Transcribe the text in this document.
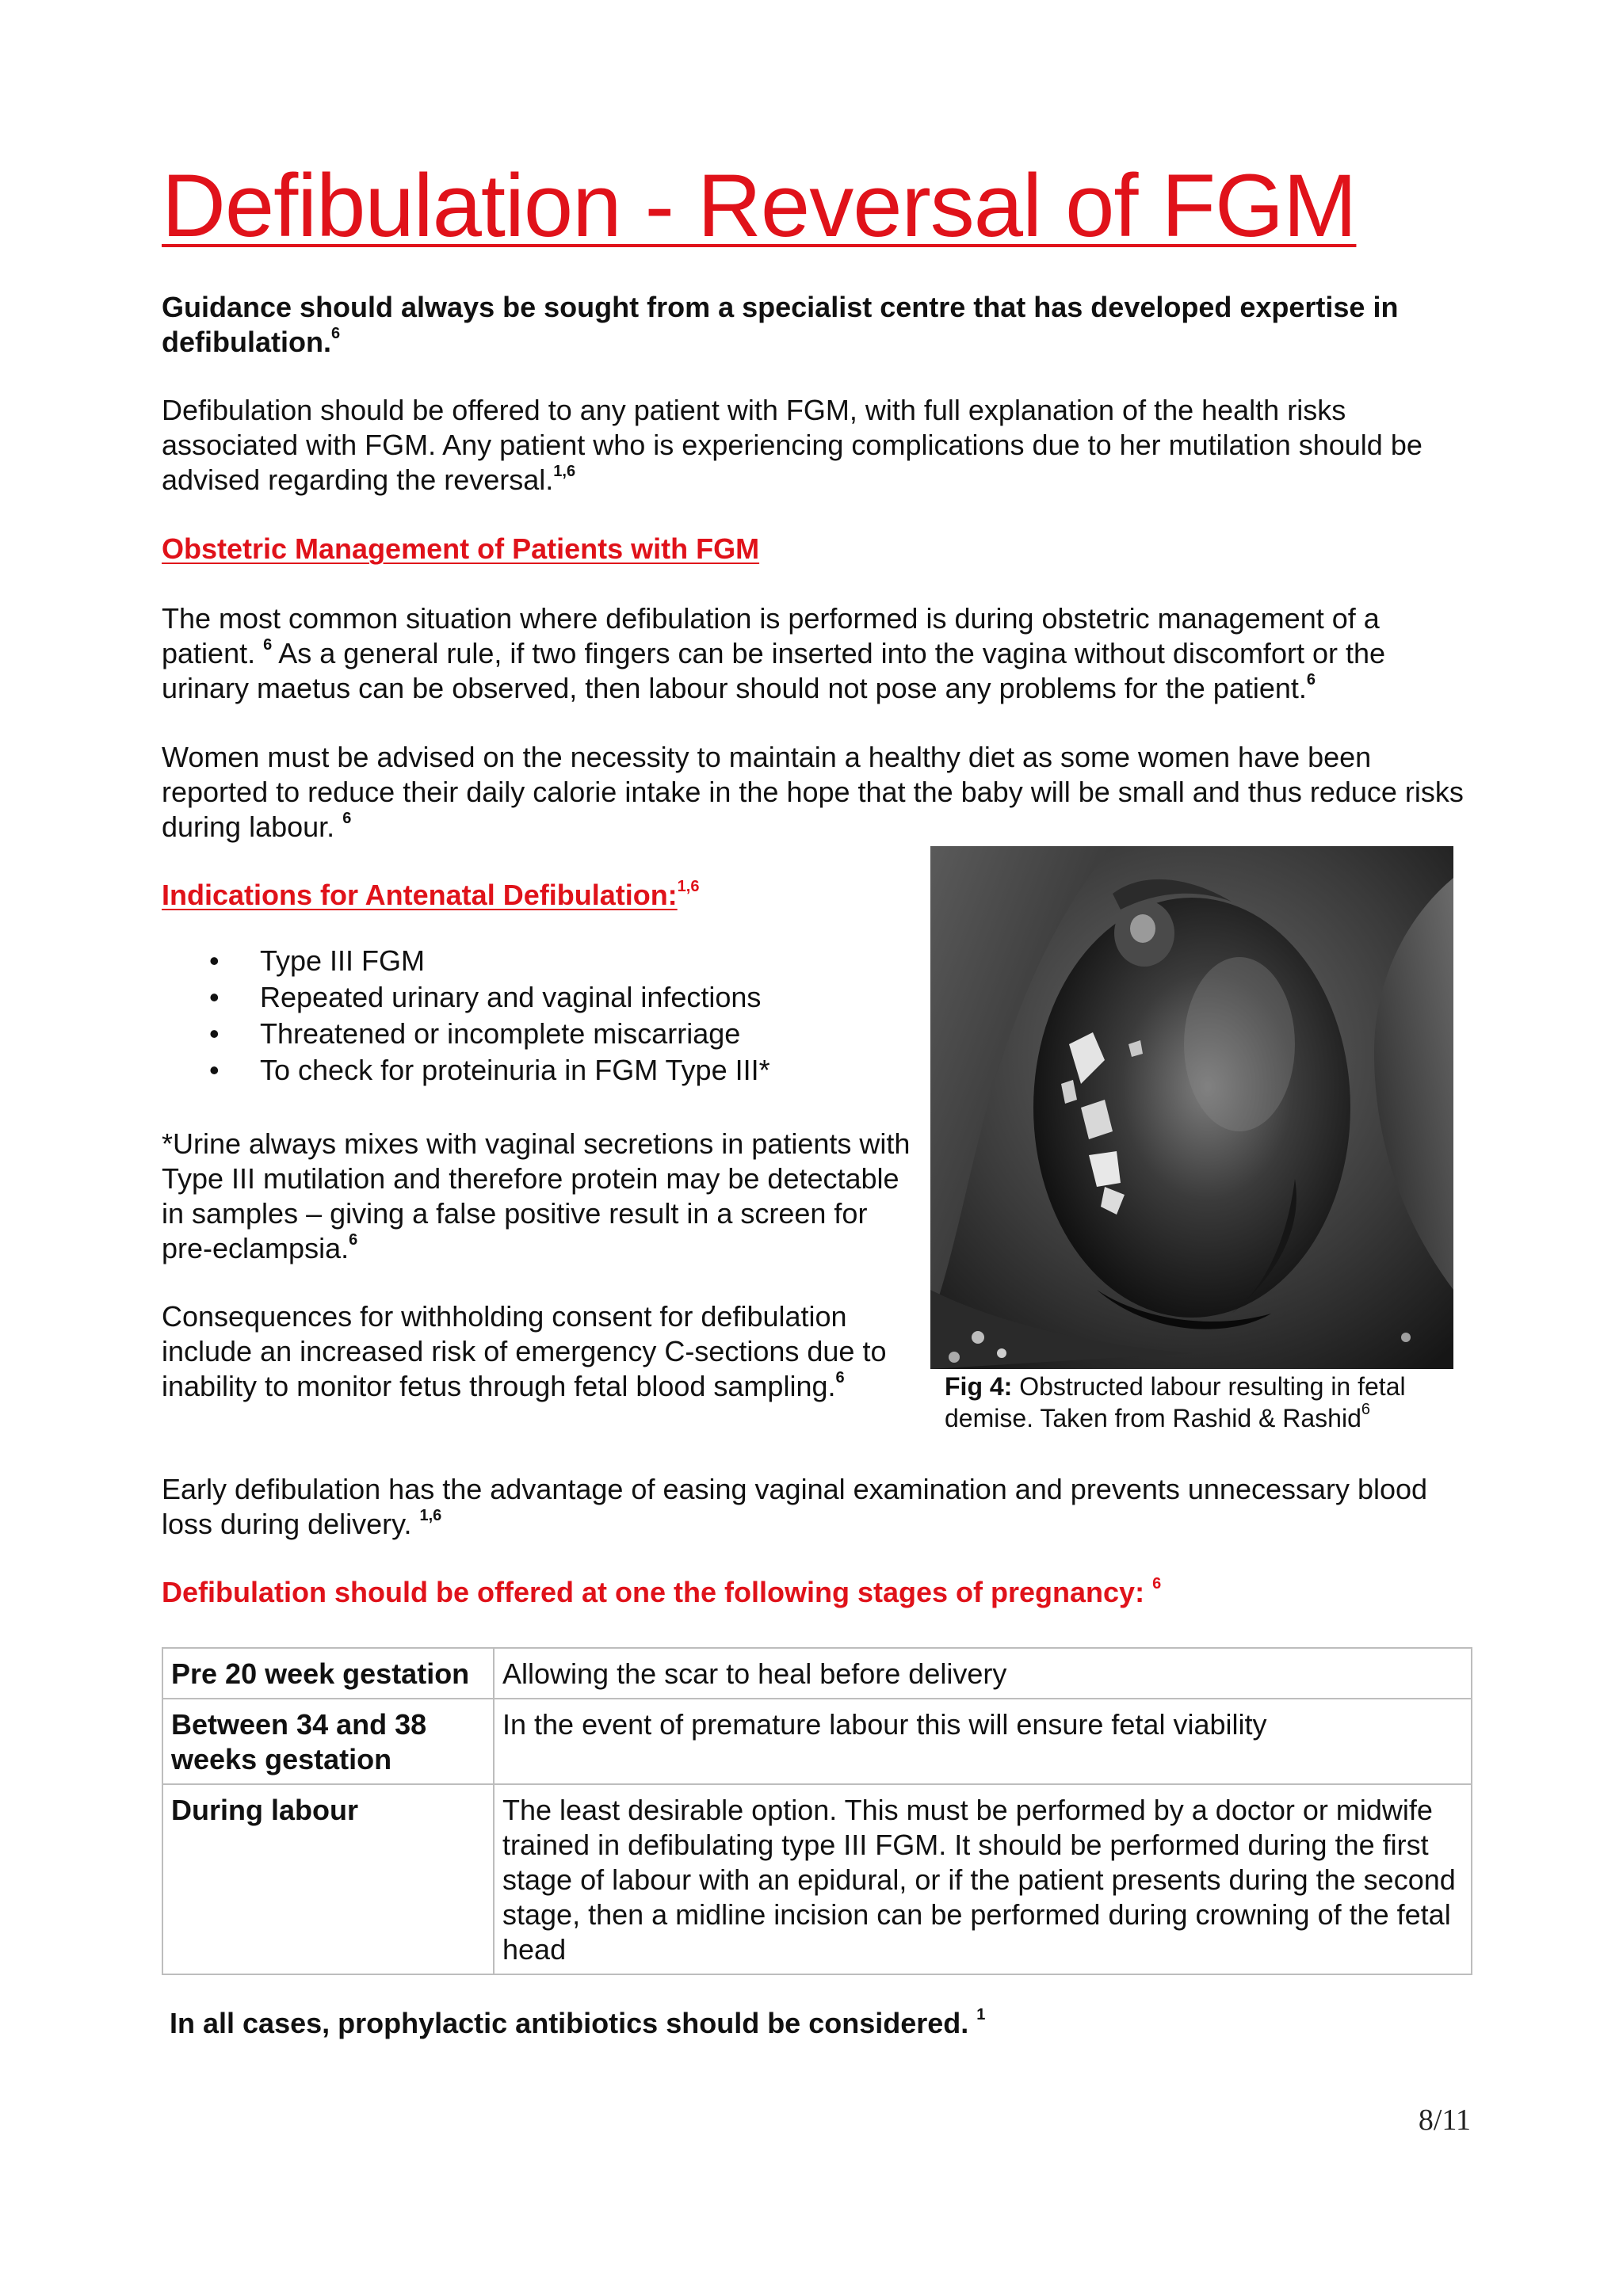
Defibulation - Reversal of FGM
Guidance should always be sought from a specialist centre that has developed expertise in defibulation.$^6$
Defibulation should be offered to any patient with FGM, with full explanation of the health risks associated with FGM. Any patient who is experiencing complications due to her mutilation should be advised regarding the reversal.$^{1,6}$
Obstetric Management of Patients with FGM
The most common situation where defibulation is performed is during obstetric management of a patient. $^6$ As a general rule, if two fingers can be inserted into the vagina without discomfort or the urinary maetus can be observed, then labour should not pose any problems for the patient.$^6$
Women must be advised on the necessity to maintain a healthy diet as some women have been reported to reduce their daily calorie intake in the hope that the baby will be small and thus reduce risks during labour. $^6$
Indications for Antenatal Defibulation:$^{1,6}$
• Type III FGM
• Repeated urinary and vaginal infections
• Threatened or incomplete miscarriage
• To check for proteinuria in FGM Type III*
*Urine always mixes with vaginal secretions in patients with Type III mutilation and therefore protein may be detectable in samples – giving a false positive result in a screen for pre-eclampsia.$^6$
Consequences for withholding consent for defibulation include an increased risk of emergency C-sections due to inability to monitor fetus through fetal blood sampling.$^6$	Fig 4: Obstructed labour resulting in fetal demise. Taken from Rashid & Rashid$^6$
Early defibulation has the advantage of easing vaginal examination and prevents unnecessary blood loss during delivery. $^{1,6}$
Defibulation should be offered at one the following stages of pregnancy: $^6$
Pre 20 week gestation	Allowing the scar to heal before delivery
Between 34 and 38 weeks gestation	In the event of premature labour this will ensure fetal viability
During labour	The least desirable option. This must be performed by a doctor or midwife trained in defibulating type III FGM. It should be performed during the first stage of labour with an epidural, or if the patient presents during the second stage, then a midline incision can be performed during crowning of the fetal head
In all cases, prophylactic antibiotics should be considered. $^1$
8/11
